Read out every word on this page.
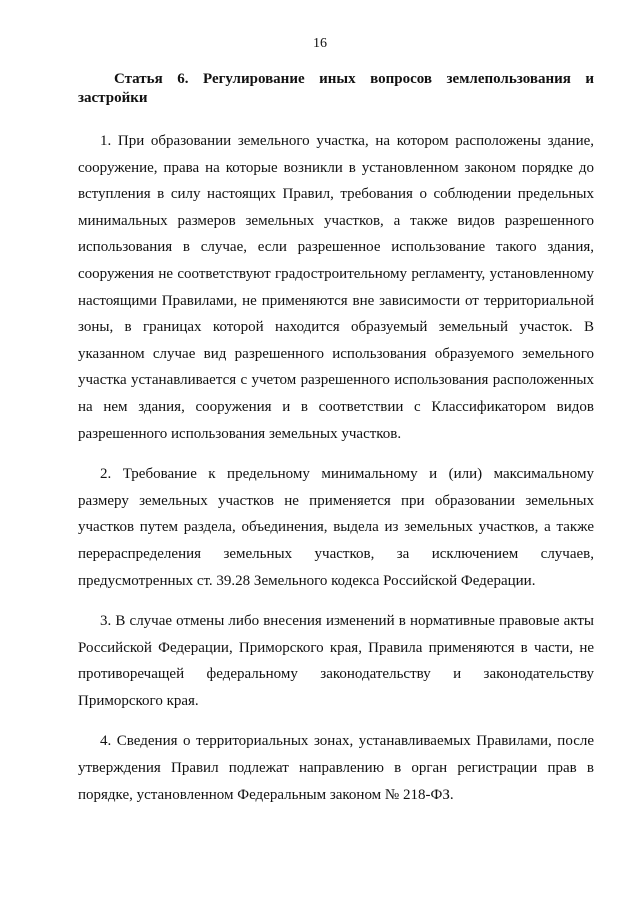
16
Статья 6. Регулирование иных вопросов землепользования и застройки

1. При образовании земельного участка, на котором расположены здание, сооружение, права на которые возникли в установленном законом порядке до вступления в силу настоящих Правил, требования о соблюдении предельных минимальных размеров земельных участков, а также видов разрешенного использования в случае, если разрешенное использование такого здания, сооружения не соответствуют градостроительному регламенту, установленному настоящими Правилами, не применяются вне зависимости от территориальной зоны, в границах которой находится образуемый земельный участок. В указанном случае вид разрешенного использования образуемого земельного участка устанавливается с учетом разрешенного использования расположенных на нем здания, сооружения и в соответствии с Классификатором видов разрешенного использования земельных участков.

2. Требование к предельному минимальному и (или) максимальному размеру земельных участков не применяется при образовании земельных участков путем раздела, объединения, выдела из земельных участков, а также перераспределения земельных участков, за исключением случаев, предусмотренных ст. 39.28 Земельного кодекса Российской Федерации.

3. В случае отмены либо внесения изменений в нормативные правовые акты Российской Федерации, Приморского края, Правила применяются в части, не противоречащей федеральному законодательству и законодательству Приморского края.

4. Сведения о территориальных зонах, устанавливаемых Правилами, после утверждения Правил подлежат направлению в орган регистрации прав в порядке, установленном Федеральным законом № 218-ФЗ.
